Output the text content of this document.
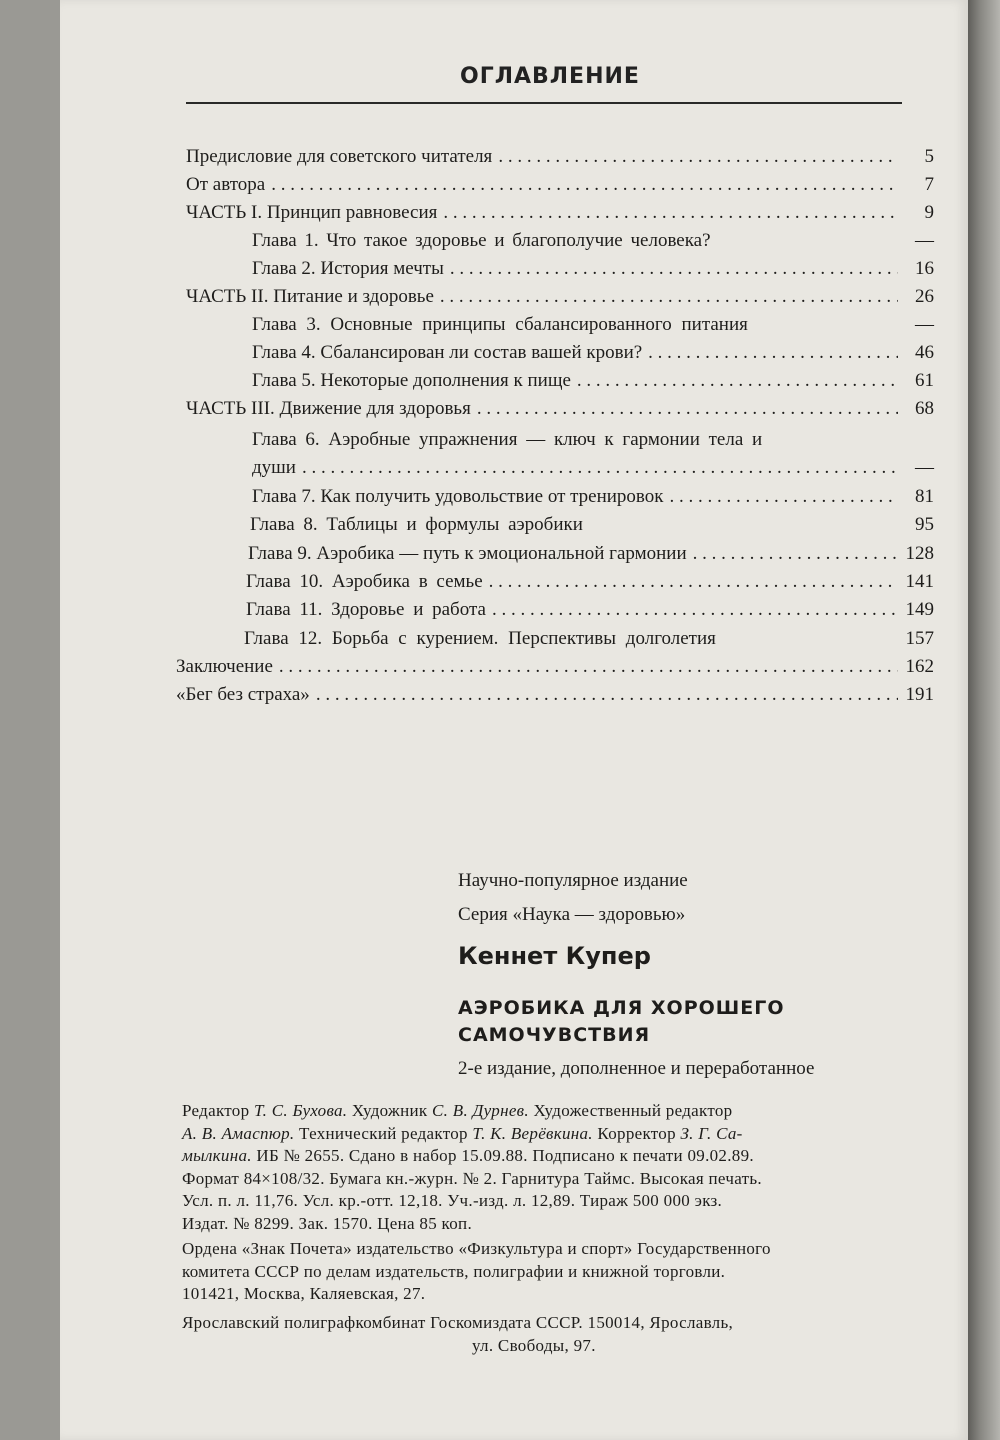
ОГЛАВЛЕНИЕ
Предисловие для советского читателя . . .	5
От автора . . .	7
ЧАСТЬ I. Принцип равновесия . . .	9
Глава 1. Что такое здоровье и благополучие человека?	—
Глава 2. История мечты . . .	16
ЧАСТЬ II. Питание и здоровье . . .	26
Глава 3. Основные принципы сбалансированного питания	—
Глава 4. Сбалансирован ли состав вашей крови? . . .	46
Глава 5. Некоторые дополнения к пище . . .	61
ЧАСТЬ III. Движение для здоровья . . .	68
Глава 6. Аэробные упражнения — ключ к гармонии тела и
души . . .	—
Глава 7. Как получить удовольствие от тренировок . . .	81
Глава 8. Таблицы и формулы аэробики	95
Глава 9. Аэробика — путь к эмоциональной гармонии . . .	128
Глава 10. Аэробика в семье . . .	141
Глава 11. Здоровье и работа . . .	149
Глава 12. Борьба с курением. Перспективы долголетия	157
Заключение . . .	162
«Бег без страха» . . .	191
Научно-популярное издание
Серия «Наука — здоровью»
Кеннет Купер
АЭРОБИКА ДЛЯ ХОРОШЕГО
САМОЧУВСТВИЯ
2-е издание, дополненное и переработанное
Редактор Т. С. Бухова. Художник С. В. Дурнев. Художественный редактор
А. В. Амаспюр. Технический редактор Т. К. Верёвкина. Корректор З. Г. Са-
мылкина. ИБ № 2655. Сдано в набор 15.09.88. Подписано к печати 09.02.89.
Формат 84×108/32. Бумага кн.-журн. № 2. Гарнитура Таймс. Высокая печать.
Усл. п. л. 11,76. Усл. кр.-отт. 12,18. Уч.-изд. л. 12,89. Тираж 500 000 экз.
Издат. № 8299. Зак. 1570. Цена 85 коп.
Ордена «Знак Почета» издательство «Физкультура и спорт» Государственного
комитета СССР по делам издательств, полиграфии и книжной торговли.
101421, Москва, Каляевская, 27.
Ярославский полиграфкомбинат Госкомиздата СССР. 150014, Ярославль,
ул. Свободы, 97.
